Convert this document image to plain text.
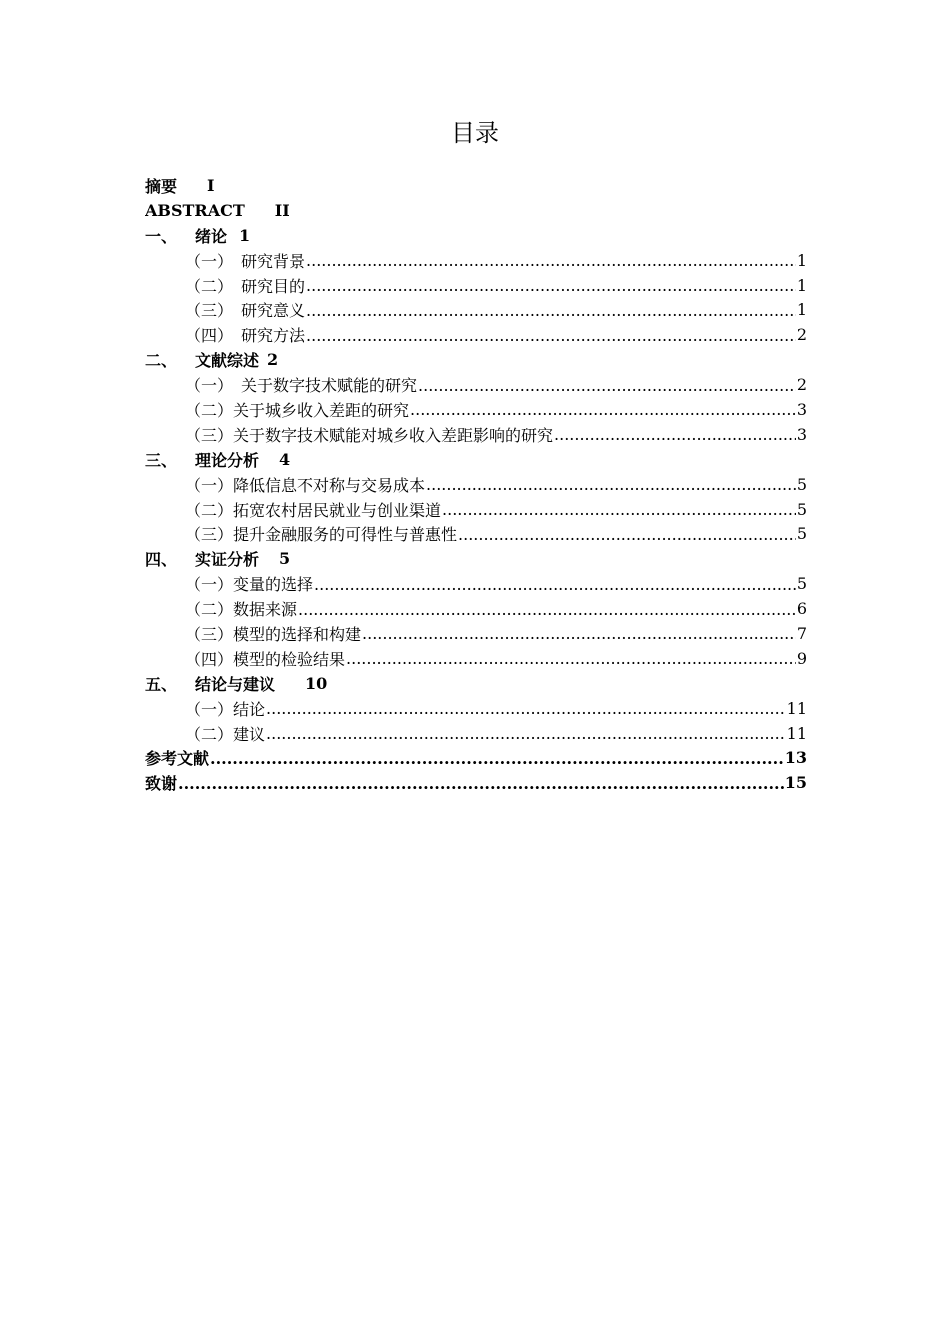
目录
摘要 I
ABSTRACT II
一、 绪论 1
（一） 研究背景 .....	1
（二） 研究目的 .....	1
（三） 研究意义 .....	1
（四） 研究方法 .....	2
二、 文献综述 2
（一） 关于数字技术赋能的研究 .....	2
（二） 关于城乡收入差距的研究 .....	3
（三） 关于数字技术赋能对城乡收入差距影响的研究 .....	3
三、 理论分析 4
（一） 降低信息不对称与交易成本 .....	5
（二） 拓宽农村居民就业与创业渠道 .....	5
（三） 提升金融服务的可得性与普惠性 .....	5
四、 实证分析 5
（一） 变量的选择 .....	5
（二） 数据来源 .....	6
（三） 模型的选择和构建 .....	7
（四） 模型的检验结果 .....	9
五、 结论与建议 10
（一） 结论 .....	11
（二） 建议 .....	11
参考文献 .....	13
致谢 .....	15
